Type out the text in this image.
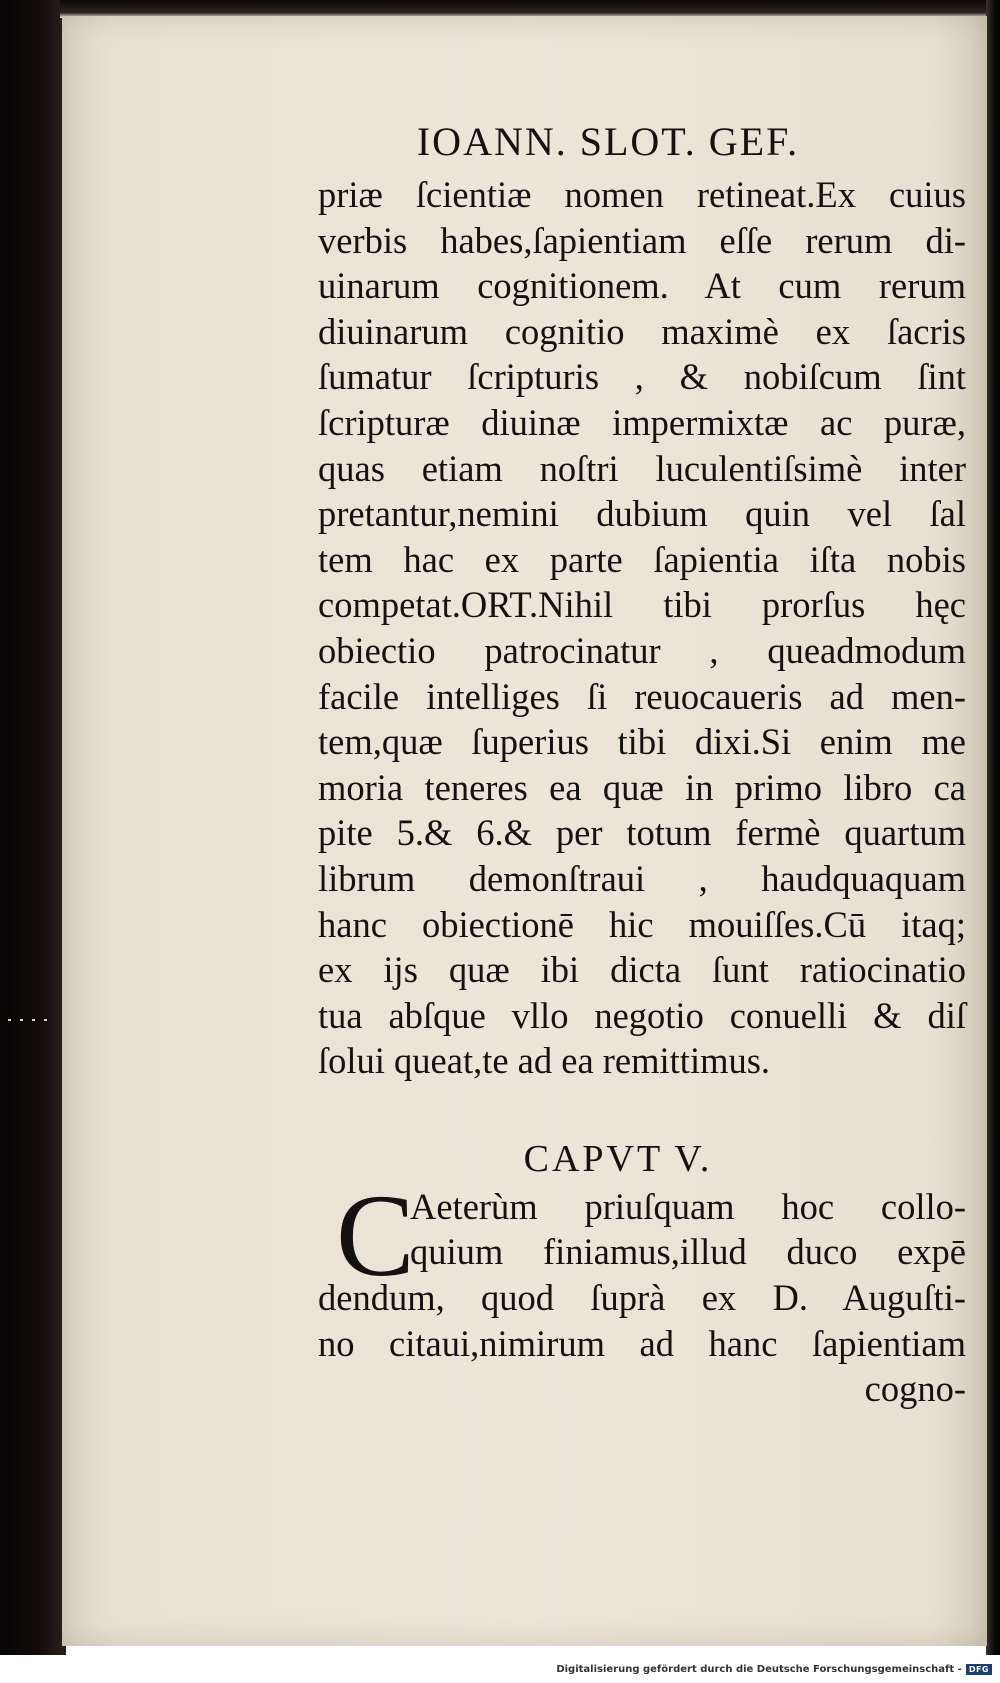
IOANN. SLOT. GEF.
priæ ſcientiæ nomen retineat.Ex cuius
verbis habes,ſapientiam eſſe rerum di-
uinarum cognitionem. At cum rerum
diuinarum cognitio maximè ex ſacris
ſumatur ſcripturis , & nobiſcum ſint
ſcripturæ diuinæ impermixtæ ac puræ,
quas etiam noſtri luculentiſsimè inter
pretantur,nemini dubium quin vel ſal
tem hac ex parte ſapientia iſta nobis
competat.ORT.Nihil tibi prorſus hęc
obiectio patrocinatur , queadmodum
facile intelliges ſi reuocaueris ad men-
tem,quæ ſuperius tibi dixi.Si enim me
moria teneres ea quæ in primo libro ca
pite 5.& 6.& per totum fermè quartum
librum demonſtraui , haudquaquam
hanc obiectionē hic mouiſſes.Cū itaq;
ex ijs quæ ibi dicta ſunt ratiocinatio
tua abſque vllo negotio conuelli & diſ
ſolui queat,te ad ea remittimus.
CAPVT V.
C
Aeterùm priuſquam hoc collo-
quium finiamus,illud duco expē
dendum, quod ſuprà ex D. Auguſti-
no citaui,nimirum ad hanc ſapientiam
cogno-
Digitalisierung gefördert durch die Deutsche Forschungsgemeinschaft - DFG
